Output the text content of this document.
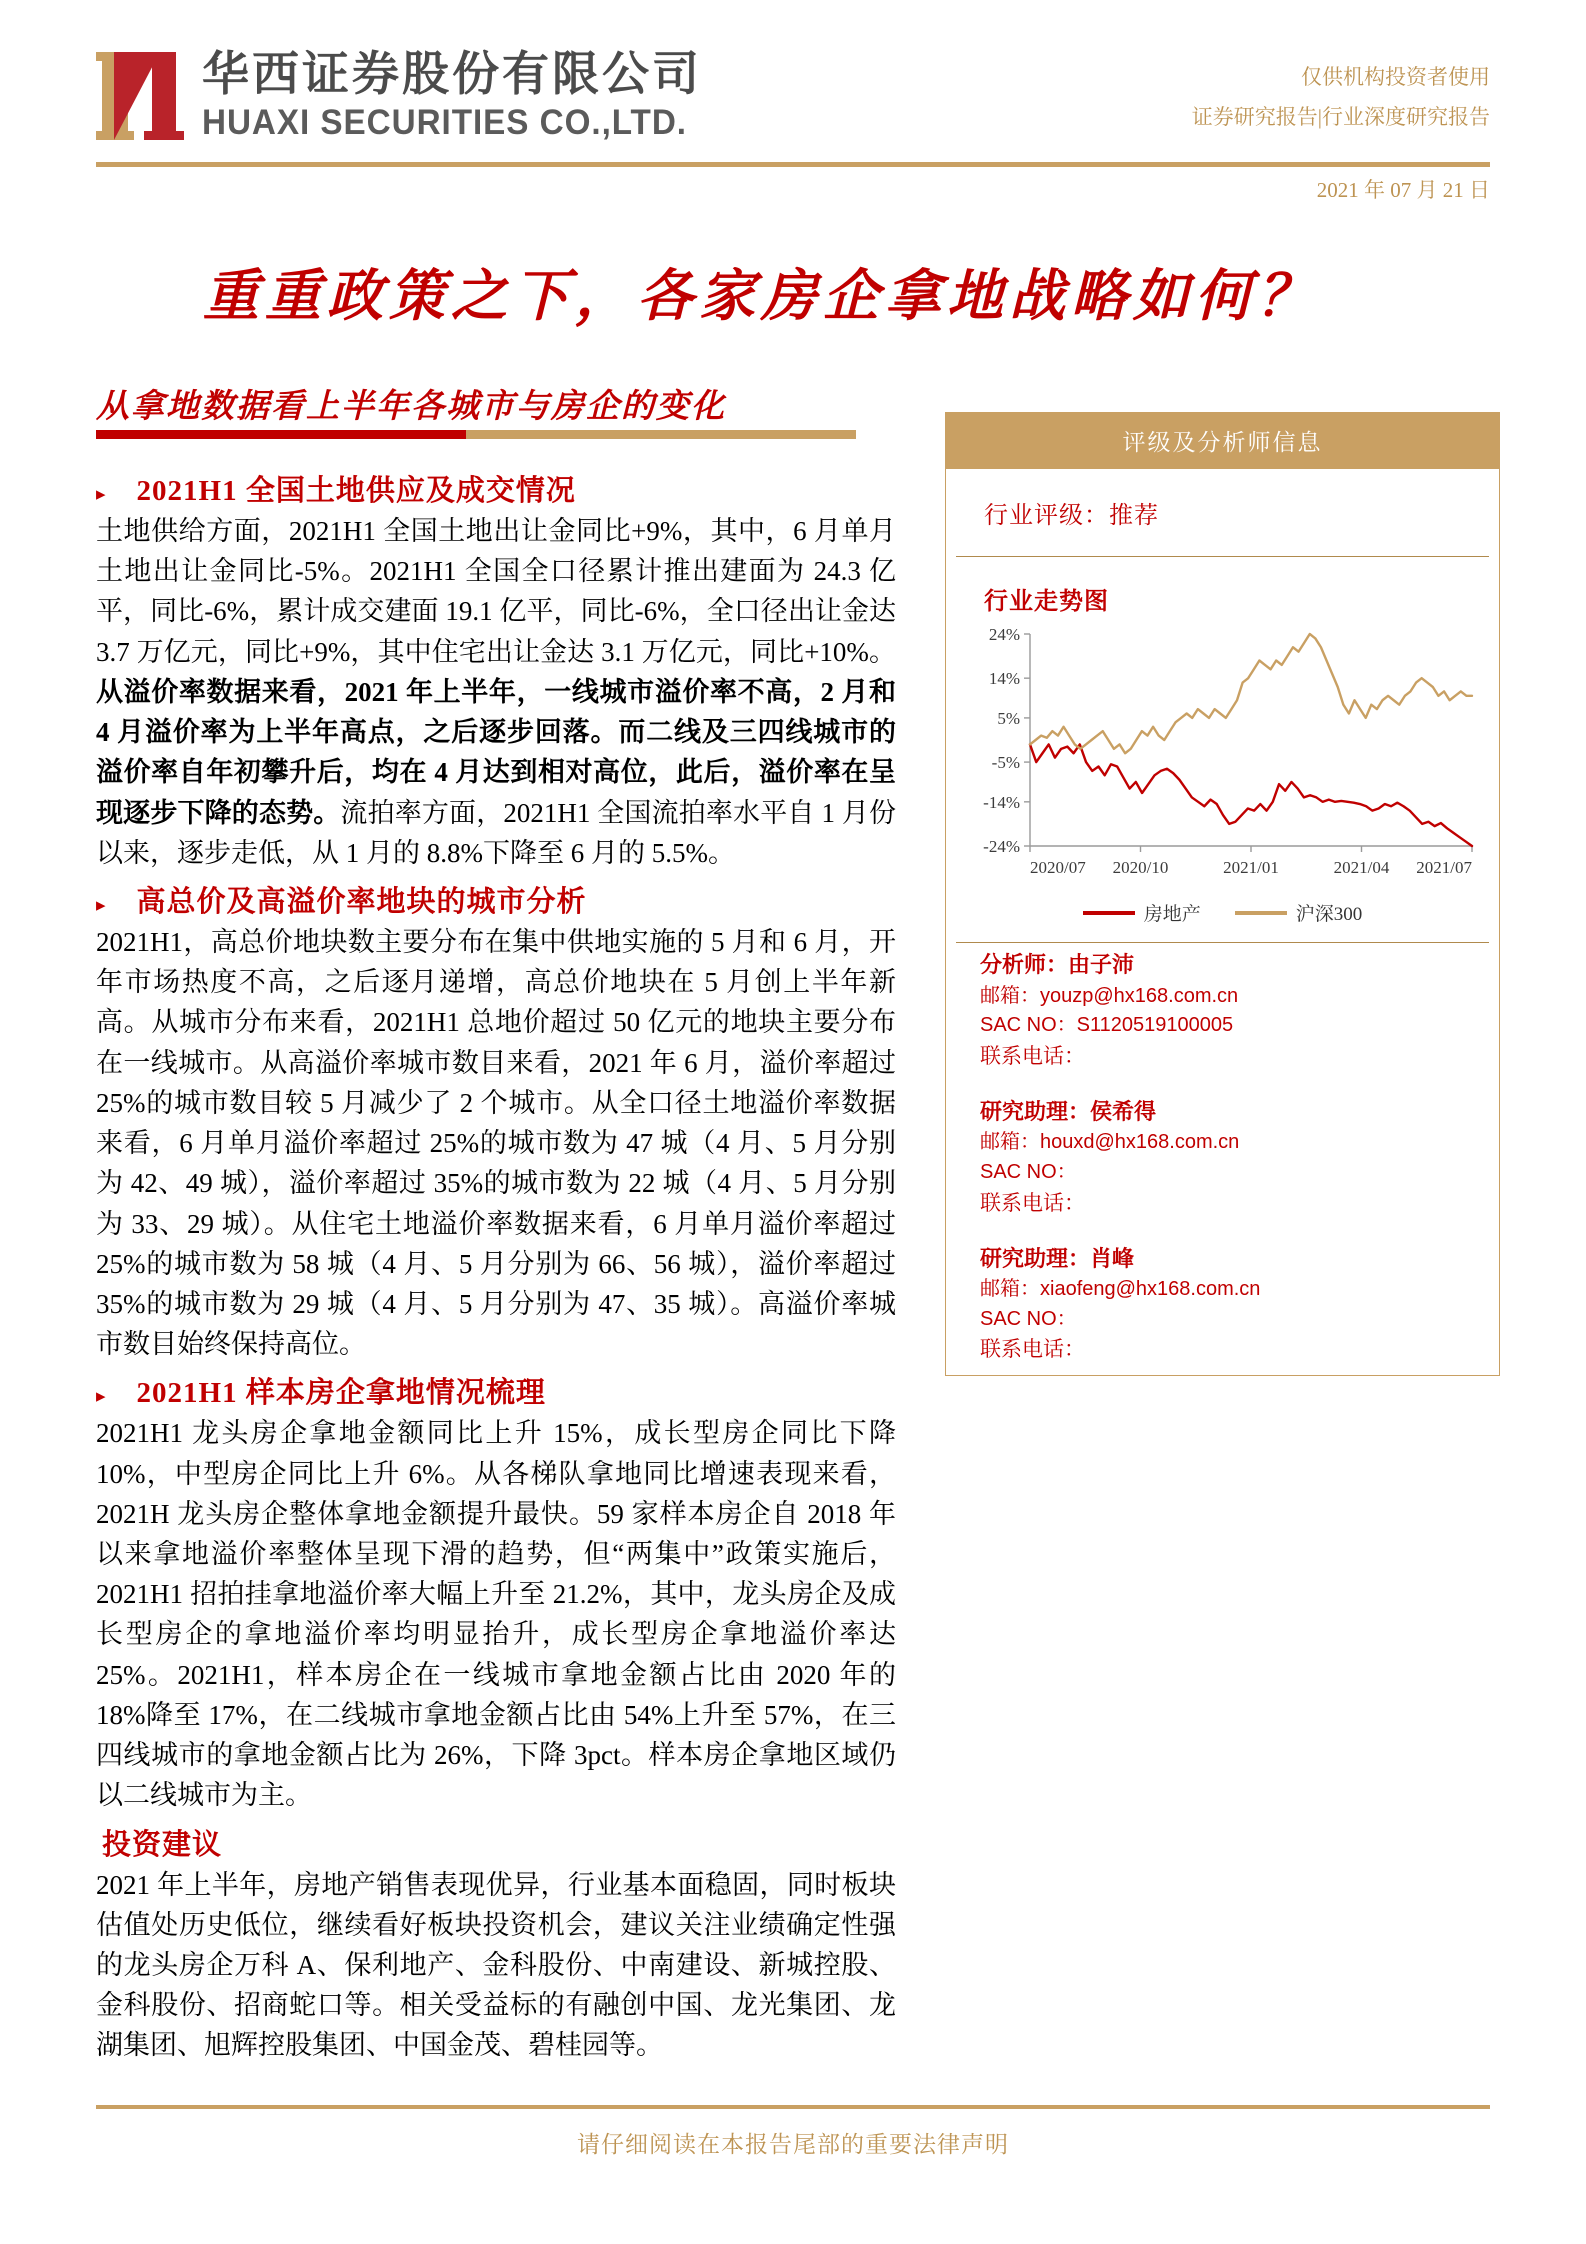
华西证券股份有限公司
HUAXI SECURITIES CO.,LTD.
仅供机构投资者使用
证券研究报告|行业深度研究报告
2021 年 07 月 21 日
重重政策之下，各家房企拿地战略如何？
从拿地数据看上半年各城市与房企的变化
▸ 2021H1 全国土地供应及成交情况

土地供给方面，2021H1 全国土地出让金同比+9%，其中，6 月单月土地出让金同比-5%。2021H1 全国全口径累计推出建面为 24.3 亿平，同比-6%，累计成交建面 19.1 亿平，同比-6%，全口径出让金达 3.7 万亿元，同比+9%，其中住宅出让金达 3.1 万亿元，同比+10%。从溢价率数据来看，2021 年上半年，一线城市溢价率不高，2 月和 4 月溢价率为上半年高点，之后逐步回落。而二线及三四线城市的溢价率自年初攀升后，均在 4 月达到相对高位，此后，溢价率在呈现逐步下降的态势。流拍率方面，2021H1 全国流拍率水平自 1 月份以来，逐步走低，从 1 月的 8.8%下降至 6 月的 5.5%。

▸ 高总价及高溢价率地块的城市分析

2021H1，高总价地块数主要分布在集中供地实施的 5 月和 6 月，开年市场热度不高，之后逐月递增，高总价地块在 5 月创上半年新高。从城市分布来看，2021H1 总地价超过 50 亿元的地块主要分布在一线城市。从高溢价率城市数目来看，2021 年 6 月，溢价率超过 25%的城市数目较 5 月减少了 2 个城市。从全口径土地溢价率数据来看，6 月单月溢价率超过 25%的城市数为 47 城（4 月、5 月分别为 42、49 城），溢价率超过 35%的城市数为 22 城（4 月、5 月分别为 33、29 城）。从住宅土地溢价率数据来看，6 月单月溢价率超过 25%的城市数为 58 城（4 月、5 月分别为 66、56 城），溢价率超过 35%的城市数为 29 城（4 月、5 月分别为 47、35 城）。高溢价率城市数目始终保持高位。

▸ 2021H1 样本房企拿地情况梳理

2021H1 龙头房企拿地金额同比上升 15%，成长型房企同比下降 10%，中型房企同比上升 6%。从各梯队拿地同比增速表现来看，2021H 龙头房企整体拿地金额提升最快。59 家样本房企自 2018 年以来拿地溢价率整体呈现下滑的趋势，但“两集中”政策实施后，2021H1 招拍挂拿地溢价率大幅上升至 21.2%，其中，龙头房企及成长型房企的拿地溢价率均明显抬升，成长型房企拿地溢价率达 25%。2021H1，样本房企在一线城市拿地金额占比由 2020 年的 18%降至 17%，在二线城市拿地金额占比由 54%上升至 57%，在三四线城市的拿地金额占比为 26%，下降 3pct。样本房企拿地区域仍以二线城市为主。

投资建议

2021 年上半年，房地产销售表现优异，行业基本面稳固，同时板块估值处历史低位，继续看好板块投资机会，建议关注业绩确定性强的龙头房企万科 A、保利地产、金科股份、中南建设、新城控股、金科股份、招商蛇口等。相关受益标的有融创中国、龙光集团、龙湖集团、旭辉控股集团、中国金茂、碧桂园等。

评级及分析师信息
行业评级：推荐
行业走势图
24%
14%
5%
-5%
-14%
-24%
2020/07 2020/10	2021/01	2021/04 2021/07
房地产	沪深300
分析师：由子沛
邮箱：youzp@hx168.com.cn
SAC NO：S1120519100005
联系电话：
研究助理：侯希得
邮箱：houxd@hx168.com.cn
SAC NO：
联系电话：
研究助理：肖峰
邮箱：xiaofeng@hx168.com.cn
SAC NO：
联系电话：
请仔细阅读在本报告尾部的重要法律声明
